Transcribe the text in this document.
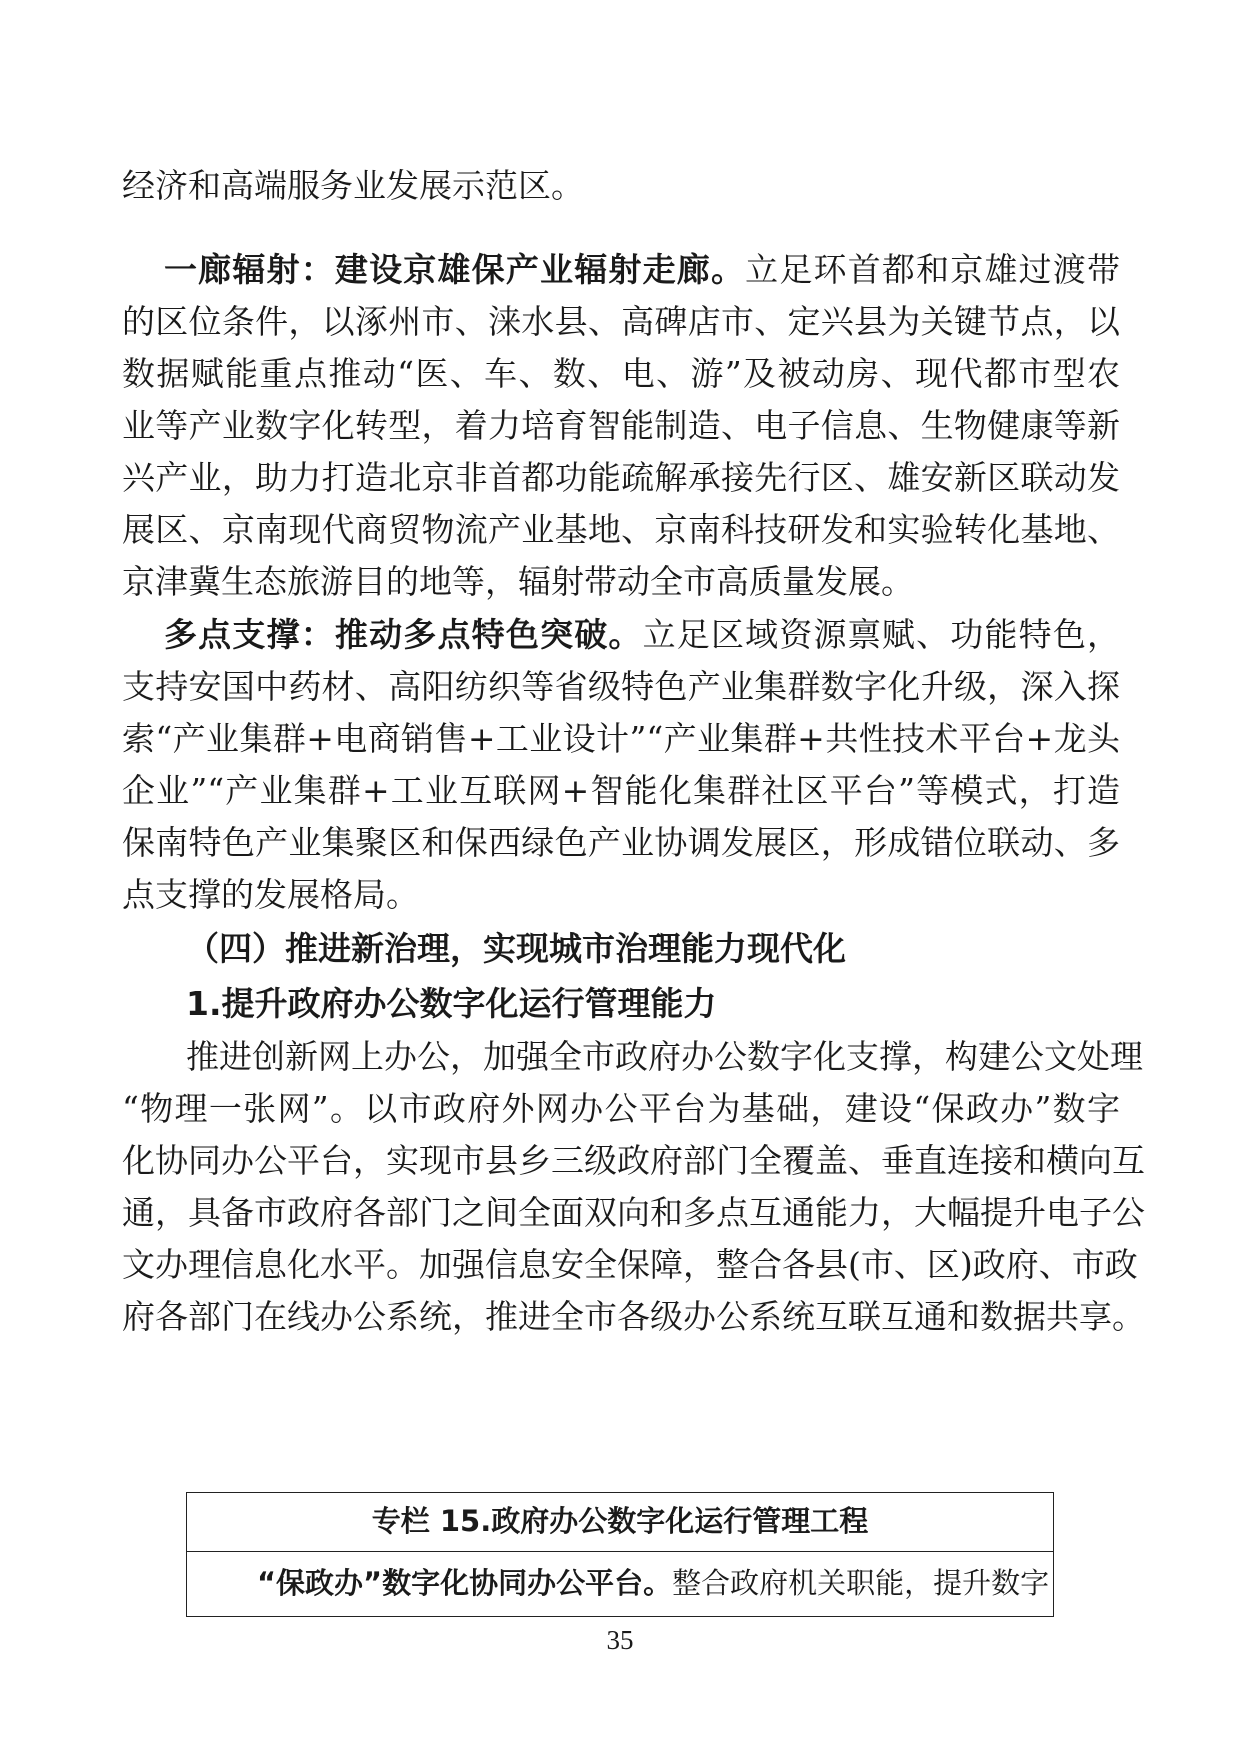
经济和高端服务业发展示范区。
一廊辐射：建设京雄保产业辐射走廊。立足环首都和京雄过渡带
的区位条件，以涿州市、涞水县、高碑店市、定兴县为关键节点，以
数据赋能重点推动“医、车、数、电、游”及被动房、现代都市型农
业等产业数字化转型，着力培育智能制造、电子信息、生物健康等新
兴产业，助力打造北京非首都功能疏解承接先行区、雄安新区联动发
展区、京南现代商贸物流产业基地、京南科技研发和实验转化基地、
京津冀生态旅游目的地等，辐射带动全市高质量发展。
多点支撑：推动多点特色突破。立足区域资源禀赋、功能特色，
支持安国中药材、高阳纺织等省级特色产业集群数字化升级，深入探
索“产业集群+电商销售+工业设计”“产业集群+共性技术平台+龙头
企业”“产业集群+工业互联网+智能化集群社区平台”等模式，打造
保南特色产业集聚区和保西绿色产业协调发展区，形成错位联动、多
点支撑的发展格局。
（四）推进新治理，实现城市治理能力现代化
1.提升政府办公数字化运行管理能力
推进创新网上办公，加强全市政府办公数字化支撑，构建公文处理
“物理一张网”。以市政府外网办公平台为基础，建设“保政办”数字
化协同办公平台，实现市县乡三级政府部门全覆盖、垂直连接和横向互
通，具备市政府各部门之间全面双向和多点互通能力，大幅提升电子公
文办理信息化水平。加强信息安全保障，整合各县(市、区)政府、市政
府各部门在线办公系统，推进全市各级办公系统互联互通和数据共享。
专栏 15.政府办公数字化运行管理工程
“保政办”数字化协同办公平台。整合政府机关职能，提升数字
35
